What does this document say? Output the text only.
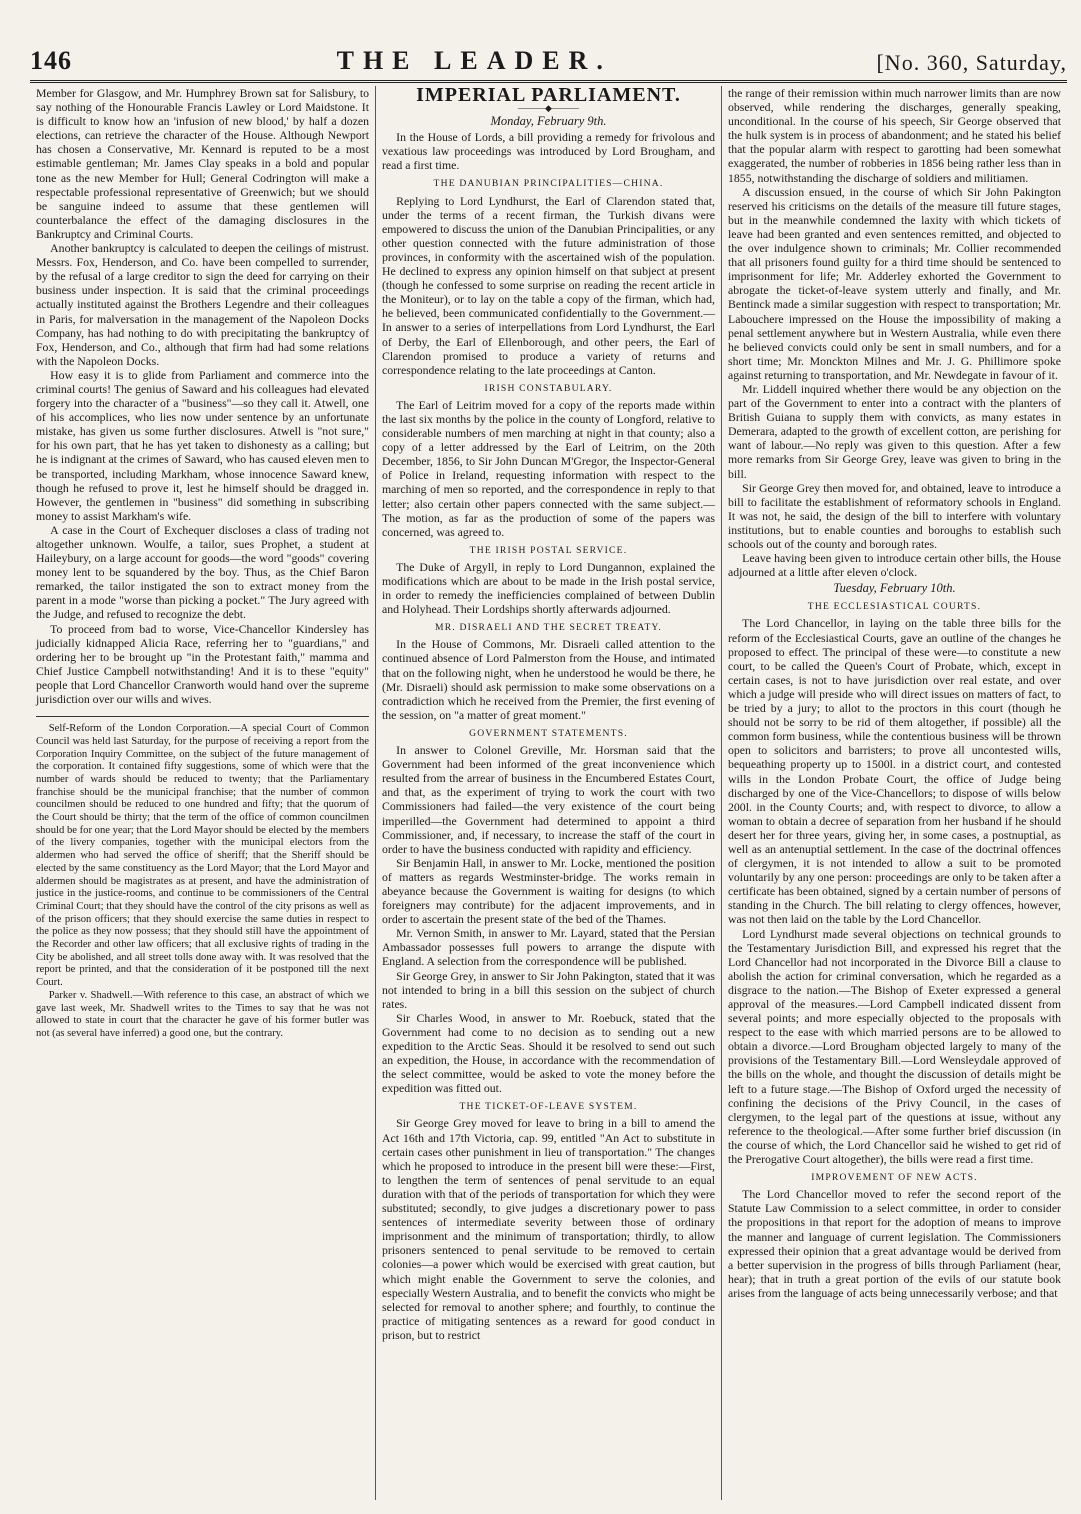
146	THE LEADER.	[No. 360, Saturday,

Member for Glasgow, and Mr. Humphrey Brown sat for Salisbury, to say nothing of the Honourable Francis Lawley or Lord Maidstone. It is difficult to know how an 'infusion of new blood,' by half a dozen elections, can retrieve the character of the House. Although Newport has chosen a Conservative, Mr. Kennard is reputed to be a most estimable gentleman; Mr. James Clay speaks in a bold and popular tone as the new Member for Hull; General Codrington will make a respectable professional representative of Greenwich; but we should be sanguine indeed to assume that these gentlemen will counterbalance the effect of the damaging disclosures in the Bankruptcy and Criminal Courts.

Another bankruptcy is calculated to deepen the ceilings of mistrust. Messrs. Fox, Henderson, and Co. have been compelled to surrender, by the refusal of a large creditor to sign the deed for carrying on their business under inspection. It is said that the criminal proceedings actually instituted against the Brothers Legendre and their colleagues in Paris, for malversation in the management of the Napoleon Docks Company, has had nothing to do with precipitating the bankruptcy of Fox, Henderson, and Co., although that firm had had some relations with the Napoleon Docks.

How easy it is to glide from Parliament and commerce into the criminal courts! The genius of Saward and his colleagues had elevated forgery into the character of a "business"—so they call it. Atwell, one of his accomplices, who lies now under sentence by an unfortunate mistake, has given us some further disclosures. Atwell is "not sure," for his own part, that he has yet taken to dishonesty as a calling; but he is indignant at the crimes of Saward, who has caused eleven men to be transported, including Markham, whose innocence Saward knew, though he refused to prove it, lest he himself should be dragged in. However, the gentlemen in "business" did something in subscribing money to assist Markham's wife.

A case in the Court of Exchequer discloses a class of trading not altogether unknown. Woulfe, a tailor, sues Prophet, a student at Haileybury, on a large account for goods—the word "goods" covering money lent to be squandered by the boy. Thus, as the Chief Baron remarked, the tailor instigated the son to extract money from the parent in a mode "worse than picking a pocket." The Jury agreed with the Judge, and refused to recognize the debt.

To proceed from bad to worse, Vice-Chancellor Kindersley has judicially kidnapped Alicia Race, referring her to "guardians," and ordering her to be brought up "in the Protestant faith," mamma and Chief Justice Campbell notwithstanding! And it is to these "equity" people that Lord Chancellor Cranworth would hand over the supreme jurisdiction over our wills and wives.

Self-Reform of the London Corporation.—A special Court of Common Council was held last Saturday, for the purpose of receiving a report from the Corporation Inquiry Committee, on the subject of the future management of the corporation. It contained fifty suggestions, some of which were that the number of wards should be reduced to twenty; that the Parliamentary franchise should be the municipal franchise; that the number of common councilmen should be reduced to one hundred and fifty; that the quorum of the Court should be thirty; that the term of the office of common councilmen should be for one year; that the Lord Mayor should be elected by the members of the livery companies, together with the municipal electors from the aldermen who had served the office of sheriff; that the Sheriff should be elected by the same constituency as the Lord Mayor; that the Lord Mayor and aldermen should be magistrates as at present, and have the administration of justice in the justice-rooms, and continue to be commissioners of the Central Criminal Court; that they should have the control of the city prisons as well as of the prison officers; that they should exercise the same duties in respect to the police as they now possess; that they should still have the appointment of the Recorder and other law officers; that all exclusive rights of trading in the City be abolished, and all street tolls done away with. It was resolved that the report be printed, and that the consideration of it be postponed till the next Court.

Parker v. Shadwell.—With reference to this case, an abstract of which we gave last week, Mr. Shadwell writes to the Times to say that he was not allowed to state in court that the character he gave of his former butler was not (as several have inferred) a good one, but the contrary.

IMPERIAL PARLIAMENT.
———◆———
Monday, February 9th.

In the House of Lords, a bill providing a remedy for frivolous and vexatious law proceedings was introduced by Lord Brougham, and read a first time.

THE DANUBIAN PRINCIPALITIES—CHINA.

Replying to Lord Lyndhurst, the Earl of Clarendon stated that, under the terms of a recent firman, the Turkish divans were empowered to discuss the union of the Danubian Principalities, or any other question connected with the future administration of those provinces, in conformity with the ascertained wish of the population. He declined to express any opinion himself on that subject at present (though he confessed to some surprise on reading the recent article in the Moniteur), or to lay on the table a copy of the firman, which had, he believed, been communicated confidentially to the Government.—In answer to a series of interpellations from Lord Lyndhurst, the Earl of Derby, the Earl of Ellenborough, and other peers, the Earl of Clarendon promised to produce a variety of returns and correspondence relating to the late proceedings at Canton.

IRISH CONSTABULARY.

The Earl of Leitrim moved for a copy of the reports made within the last six months by the police in the county of Longford, relative to considerable numbers of men marching at night in that county; also a copy of a letter addressed by the Earl of Leitrim, on the 20th December, 1856, to Sir John Duncan M'Gregor, the Inspector-General of Police in Ireland, requesting information with respect to the marching of men so reported, and the correspondence in reply to that letter; also certain other papers connected with the same subject.—The motion, as far as the production of some of the papers was concerned, was agreed to.

THE IRISH POSTAL SERVICE.

The Duke of Argyll, in reply to Lord Dungannon, explained the modifications which are about to be made in the Irish postal service, in order to remedy the inefficiencies complained of between Dublin and Holyhead. Their Lordships shortly afterwards adjourned.

MR. DISRAELI AND THE SECRET TREATY.

In the House of Commons, Mr. Disraeli called attention to the continued absence of Lord Palmerston from the House, and intimated that on the following night, when he understood he would be there, he (Mr. Disraeli) should ask permission to make some observations on a contradiction which he received from the Premier, the first evening of the session, on "a matter of great moment."

GOVERNMENT STATEMENTS.

In answer to Colonel Greville, Mr. Horsman said that the Government had been informed of the great inconvenience which resulted from the arrear of business in the Encumbered Estates Court, and that, as the experiment of trying to work the court with two Commissioners had failed—the very existence of the court being imperilled—the Government had determined to appoint a third Commissioner, and, if necessary, to increase the staff of the court in order to have the business conducted with rapidity and efficiency.

Sir Benjamin Hall, in answer to Mr. Locke, mentioned the position of matters as regards Westminster-bridge. The works remain in abeyance because the Government is waiting for designs (to which foreigners may contribute) for the adjacent improvements, and in order to ascertain the present state of the bed of the Thames.

Mr. Vernon Smith, in answer to Mr. Layard, stated that the Persian Ambassador possesses full powers to arrange the dispute with England. A selection from the correspondence will be published.

Sir George Grey, in answer to Sir John Pakington, stated that it was not intended to bring in a bill this session on the subject of church rates.

Sir Charles Wood, in answer to Mr. Roebuck, stated that the Government had come to no decision as to sending out a new expedition to the Arctic Seas. Should it be resolved to send out such an expedition, the House, in accordance with the recommendation of the select committee, would be asked to vote the money before the expedition was fitted out.

THE TICKET-OF-LEAVE SYSTEM.

Sir George Grey moved for leave to bring in a bill to amend the Act 16th and 17th Victoria, cap. 99, entitled "An Act to substitute in certain cases other punishment in lieu of transportation." The changes which he proposed to introduce in the present bill were these:—First, to lengthen the term of sentences of penal servitude to an equal duration with that of the periods of transportation for which they were substituted; secondly, to give judges a discretionary power to pass sentences of intermediate severity between those of ordinary imprisonment and the minimum of transportation; thirdly, to allow prisoners sentenced to penal servitude to be removed to certain colonies—a power which would be exercised with great caution, but which might enable the Government to serve the colonies, and especially Western Australia, and to benefit the convicts who might be selected for removal to another sphere; and fourthly, to continue the practice of mitigating sentences as a reward for good conduct in prison, but to restrict

the range of their remission within much narrower limits than are now observed, while rendering the discharges, generally speaking, unconditional. In the course of his speech, Sir George observed that the hulk system is in process of abandonment; and he stated his belief that the popular alarm with respect to garotting had been somewhat exaggerated, the number of robberies in 1856 being rather less than in 1855, notwithstanding the discharge of soldiers and militiamen.

A discussion ensued, in the course of which Sir John Pakington reserved his criticisms on the details of the measure till future stages, but in the meanwhile condemned the laxity with which tickets of leave had been granted and even sentences remitted, and objected to the over indulgence shown to criminals; Mr. Collier recommended that all prisoners found guilty for a third time should be sentenced to imprisonment for life; Mr. Adderley exhorted the Government to abrogate the ticket-of-leave system utterly and finally, and Mr. Bentinck made a similar suggestion with respect to transportation; Mr. Labouchere impressed on the House the impossibility of making a penal settlement anywhere but in Western Australia, while even there he believed convicts could only be sent in small numbers, and for a short time; Mr. Monckton Milnes and Mr. J. G. Phillimore spoke against returning to transportation, and Mr. Newdegate in favour of it.

Mr. Liddell inquired whether there would be any objection on the part of the Government to enter into a contract with the planters of British Guiana to supply them with convicts, as many estates in Demerara, adapted to the growth of excellent cotton, are perishing for want of labour.—No reply was given to this question. After a few more remarks from Sir George Grey, leave was given to bring in the bill.

Sir George Grey then moved for, and obtained, leave to introduce a bill to facilitate the establishment of reformatory schools in England. It was not, he said, the design of the bill to interfere with voluntary institutions, but to enable counties and boroughs to establish such schools out of the county and borough rates.

Leave having been given to introduce certain other bills, the House adjourned at a little after eleven o'clock.

Tuesday, February 10th.
THE ECCLESIASTICAL COURTS.

The Lord Chancellor, in laying on the table three bills for the reform of the Ecclesiastical Courts, gave an outline of the changes he proposed to effect. The principal of these were—to constitute a new court, to be called the Queen's Court of Probate, which, except in certain cases, is not to have jurisdiction over real estate, and over which a judge will preside who will direct issues on matters of fact, to be tried by a jury; to allot to the proctors in this court (though he should not be sorry to be rid of them altogether, if possible) all the common form business, while the contentious business will be thrown open to solicitors and barristers; to prove all uncontested wills, bequeathing property up to 1500l. in a district court, and contested wills in the London Probate Court, the office of Judge being discharged by one of the Vice-Chancellors; to dispose of wills below 200l. in the County Courts; and, with respect to divorce, to allow a woman to obtain a decree of separation from her husband if he should desert her for three years, giving her, in some cases, a postnuptial, as well as an antenuptial settlement. In the case of the doctrinal offences of clergymen, it is not intended to allow a suit to be promoted voluntarily by any one person: proceedings are only to be taken after a certificate has been obtained, signed by a certain number of persons of standing in the Church. The bill relating to clergy offences, however, was not then laid on the table by the Lord Chancellor.

Lord Lyndhurst made several objections on technical grounds to the Testamentary Jurisdiction Bill, and expressed his regret that the Lord Chancellor had not incorporated in the Divorce Bill a clause to abolish the action for criminal conversation, which he regarded as a disgrace to the nation.—The Bishop of Exeter expressed a general approval of the measures.—Lord Campbell indicated dissent from several points; and more especially objected to the proposals with respect to the ease with which married persons are to be allowed to obtain a divorce.—Lord Brougham objected largely to many of the provisions of the Testamentary Bill.—Lord Wensleydale approved of the bills on the whole, and thought the discussion of details might be left to a future stage.—The Bishop of Oxford urged the necessity of confining the decisions of the Privy Council, in the cases of clergymen, to the legal part of the questions at issue, without any reference to the theological.—After some further brief discussion (in the course of which, the Lord Chancellor said he wished to get rid of the Prerogative Court altogether), the bills were read a first time.

IMPROVEMENT OF NEW ACTS.

The Lord Chancellor moved to refer the second report of the Statute Law Commission to a select committee, in order to consider the propositions in that report for the adoption of means to improve the manner and language of current legislation. The Commissioners expressed their opinion that a great advantage would be derived from a better supervision in the progress of bills through Parliament (hear, hear); that in truth a great portion of the evils of our statute book arises from the language of acts being unnecessarily verbose; and that
